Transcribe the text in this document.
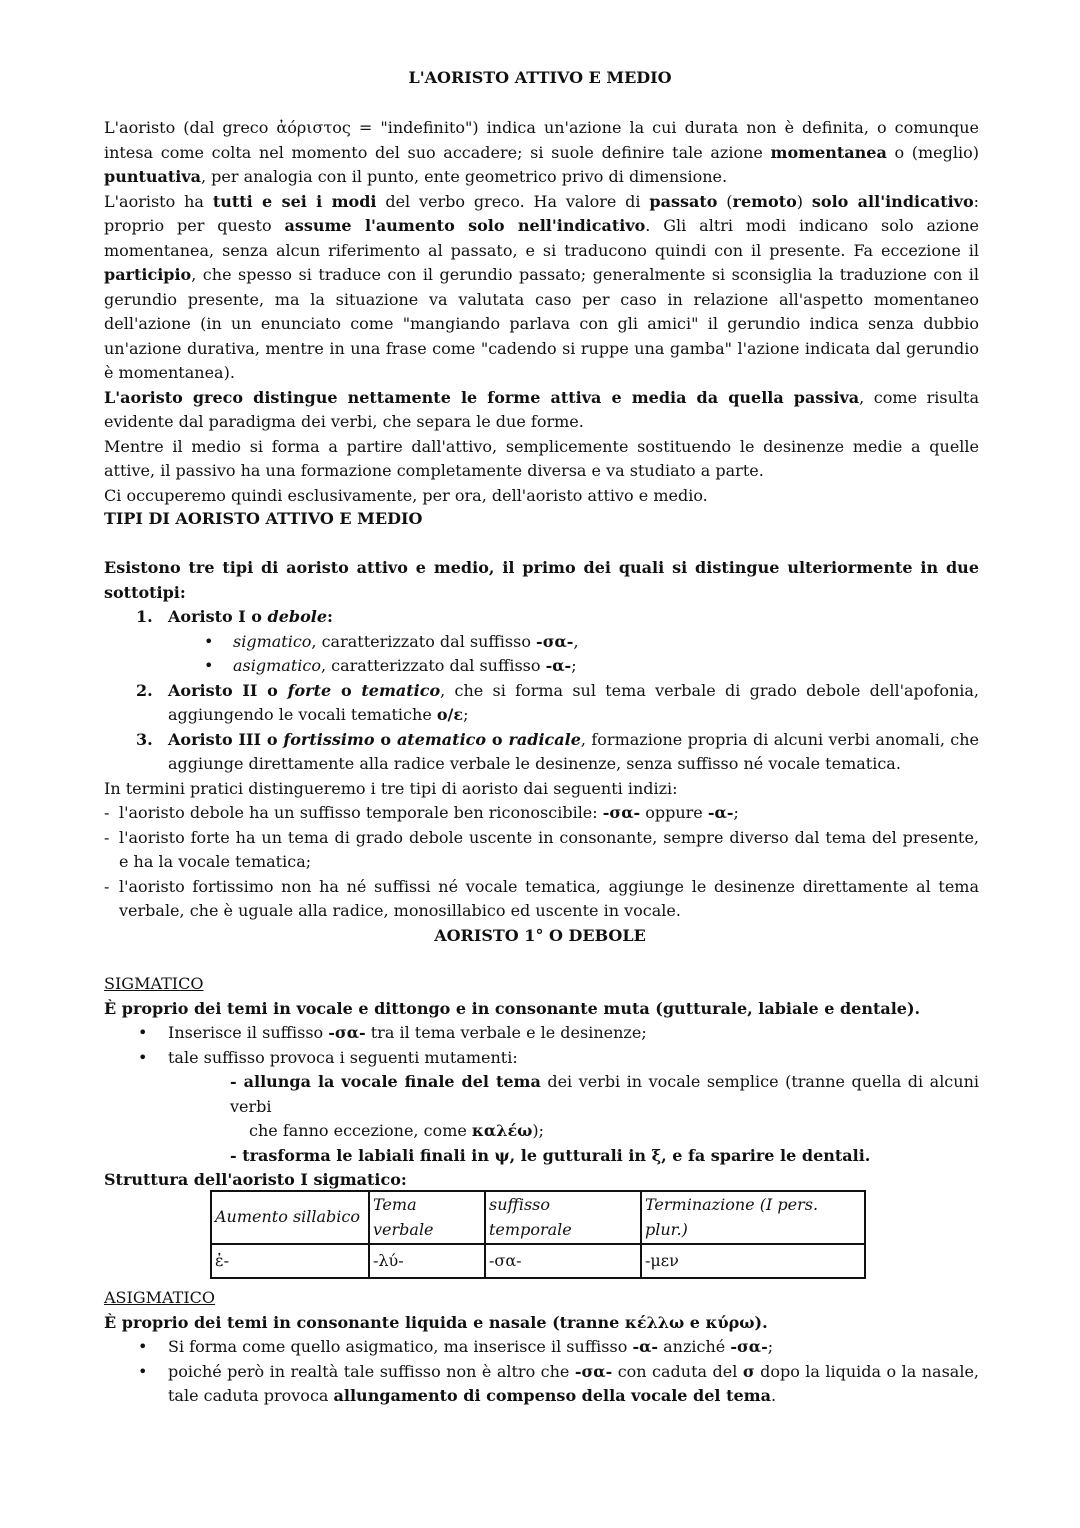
L'AORISTO ATTIVO E MEDIO

L'aoristo (dal greco ἀόριστος = "indefinito") indica un'azione la cui durata non è definita, o comunque intesa come colta nel momento del suo accadere; si suole definire tale azione momentanea o (meglio) puntuativa, per analogia con il punto, ente geometrico privo di dimensione.

L'aoristo ha tutti e sei i modi del verbo greco. Ha valore di passato (remoto) solo all'indicativo: proprio per questo assume l'aumento solo nell'indicativo. Gli altri modi indicano solo azione momentanea, senza alcun riferimento al passato, e si traducono quindi con il presente. Fa eccezione il participio, che spesso si traduce con il gerundio passato; generalmente si sconsiglia la traduzione con il gerundio presente, ma la situazione va valutata caso per caso in relazione all'aspetto momentaneo dell'azione (in un enunciato come "mangiando parlava con gli amici" il gerundio indica senza dubbio un'azione durativa, mentre in una frase come "cadendo si ruppe una gamba" l'azione indicata dal gerundio è momentanea).

L'aoristo greco distingue nettamente le forme attiva e media da quella passiva, come risulta evidente dal paradigma dei verbi, che separa le due forme.

Mentre il medio si forma a partire dall'attivo, semplicemente sostituendo le desinenze medie a quelle attive, il passivo ha una formazione completamente diversa e va studiato a parte.

Ci occuperemo quindi esclusivamente, per ora, dell'aoristo attivo e medio.

TIPI DI AORISTO ATTIVO E MEDIO

Esistono tre tipi di aoristo attivo e medio, il primo dei quali si distingue ulteriormente in due sottotipi:

1. Aoristo I o debole:
• sigmatico, caratterizzato dal suffisso -σα-,
• asigmatico, caratterizzato dal suffisso -α-;
2. Aoristo II o forte o tematico, che si forma sul tema verbale di grado debole dell'apofonia, aggiungendo le vocali tematiche ο/ε;
3. Aoristo III o fortissimo o atematico o radicale, formazione propria di alcuni verbi anomali, che aggiunge direttamente alla radice verbale le desinenze, senza suffisso né vocale tematica.

In termini pratici distingueremo i tre tipi di aoristo dai seguenti indizi:

- l'aoristo debole ha un suffisso temporale ben riconoscibile: -σα- oppure -α-;
- l'aoristo forte ha un tema di grado debole uscente in consonante, sempre diverso dal tema del presente, e ha la vocale tematica;
- l'aoristo fortissimo non ha né suffissi né vocale tematica, aggiunge le desinenze direttamente al tema verbale, che è uguale alla radice, monosillabico ed uscente in vocale.
AORISTO 1° O DEBOLE
SIGMATICO

È proprio dei temi in vocale e dittongo e in consonante muta (gutturale, labiale e dentale).

• Inserisce il suffisso -σα- tra il tema verbale e le desinenze;
• tale suffisso provoca i seguenti mutamenti:

- allunga la vocale finale del tema dei verbi in vocale semplice (tranne quella di alcuni verbi

che fanno eccezione, come καλέω);

- trasforma le labiali finali in ψ, le gutturali in ξ, e fa sparire le dentali.

Struttura dell'aoristo I sigmatico:

Aumento sillabico	Tema verbale	suffisso temporale	Terminazione (I pers. plur.)
ἐ-	-λύ-	-σα-	-μεν
ASIGMATICO

È proprio dei temi in consonante liquida e nasale (tranne κέλλω e κύρω).

• Si forma come quello asigmatico, ma inserisce il suffisso -α- anziché -σα-;
• poiché però in realtà tale suffisso non è altro che -σα- con caduta del σ dopo la liquida o la nasale, tale caduta provoca allungamento di compenso della vocale del tema.
